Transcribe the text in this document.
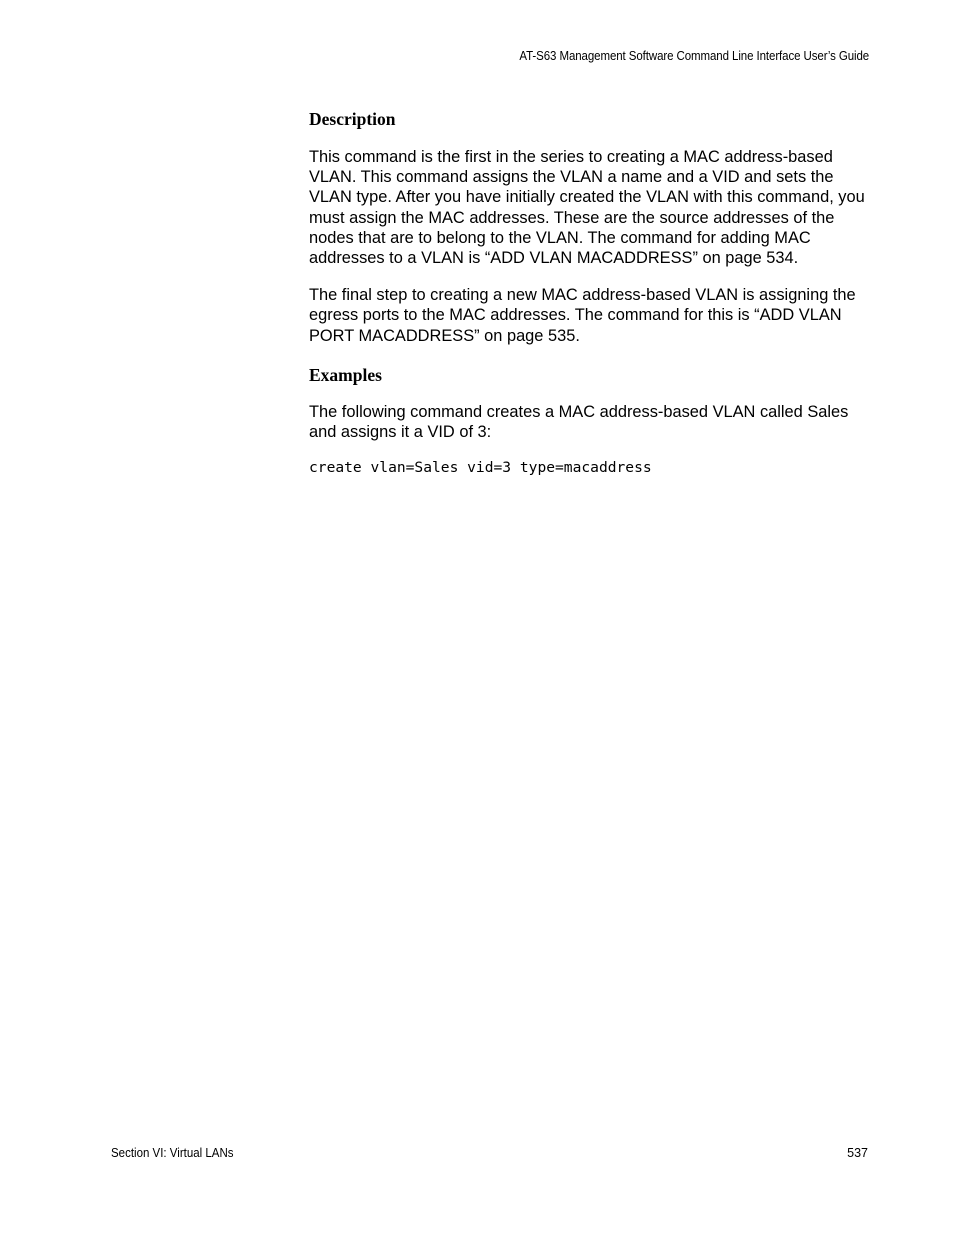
AT-S63 Management Software Command Line Interface User’s Guide
Description

This command is the first in the series to creating a MAC address-based VLAN. This command assigns the VLAN a name and a VID and sets the VLAN type. After you have initially created the VLAN with this command, you must assign the MAC addresses. These are the source addresses of the nodes that are to belong to the VLAN. The command for adding MAC addresses to a VLAN is “ADD VLAN MACADDRESS” on page 534.

The final step to creating a new MAC address-based VLAN is assigning the egress ports to the MAC addresses. The command for this is “ADD VLAN PORT MACADDRESS” on page 535.

Examples

The following command creates a MAC address-based VLAN called Sales and assigns it a VID of 3:

create vlan=Sales vid=3 type=macaddress
Section VI: Virtual LANs	537
